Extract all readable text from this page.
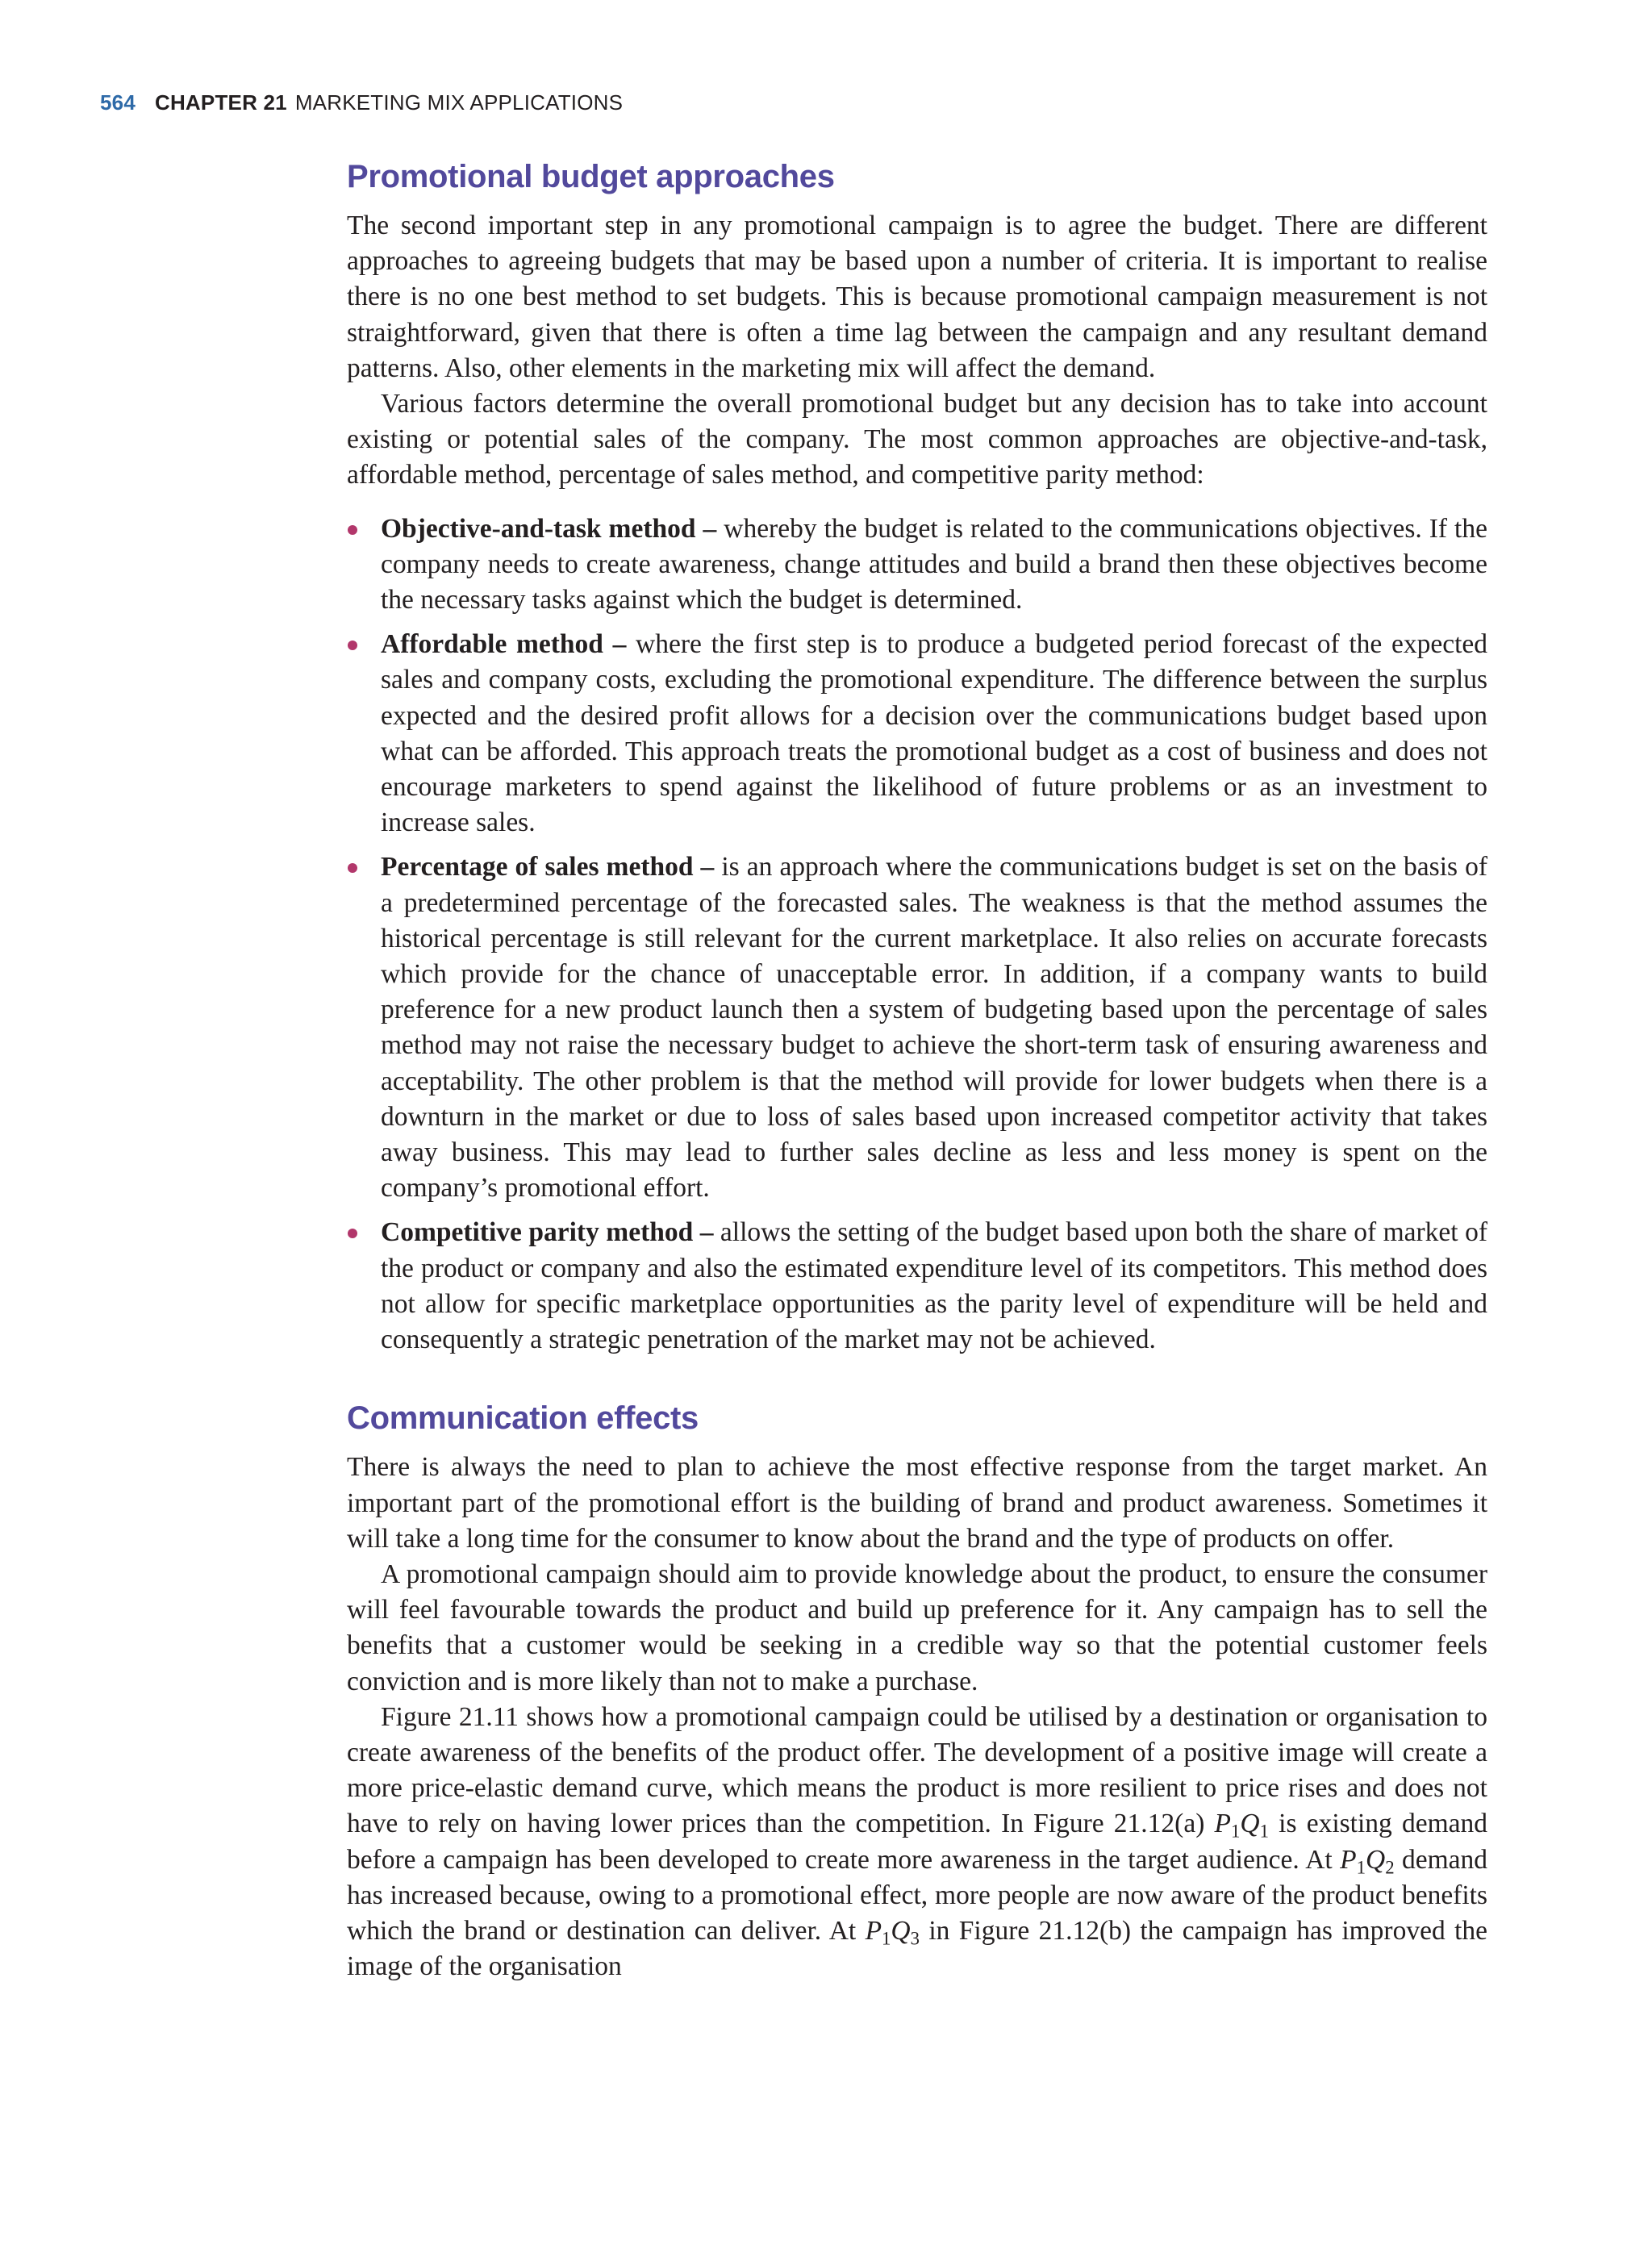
564 CHAPTER 21 MARKETING MIX APPLICATIONS
Promotional budget approaches

The second important step in any promotional campaign is to agree the budget. There are different approaches to agreeing budgets that may be based upon a number of criteria. It is important to realise there is no one best method to set budgets. This is because promotional campaign measurement is not straightforward, given that there is often a time lag between the campaign and any resultant demand patterns. Also, other elements in the marketing mix will affect the demand.

Various factors determine the overall promotional budget but any decision has to take into account existing or potential sales of the company. The most common approaches are objective-and-task, affordable method, percentage of sales method, and competitive parity method:

Objective-and-task method – whereby the budget is related to the communications objectives. If the company needs to create awareness, change attitudes and build a brand then these objectives become the necessary tasks against which the budget is determined.
Affordable method – where the first step is to produce a budgeted period forecast of the expected sales and company costs, excluding the promotional expenditure. The difference between the surplus expected and the desired profit allows for a decision over the communications budget based upon what can be afforded. This approach treats the promotional budget as a cost of business and does not encourage marketers to spend against the likelihood of future problems or as an investment to increase sales.
Percentage of sales method – is an approach where the communications budget is set on the basis of a predetermined percentage of the forecasted sales. The weakness is that the method assumes the historical percentage is still relevant for the current marketplace. It also relies on accurate forecasts which provide for the chance of unacceptable error. In addition, if a company wants to build preference for a new product launch then a system of budgeting based upon the percentage of sales method may not raise the necessary budget to achieve the short-term task of ensuring awareness and acceptability. The other problem is that the method will provide for lower budgets when there is a downturn in the market or due to loss of sales based upon increased competitor activity that takes away business. This may lead to further sales decline as less and less money is spent on the company’s promotional effort.
Competitive parity method – allows the setting of the budget based upon both the share of market of the product or company and also the estimated expenditure level of its competitors. This method does not allow for specific marketplace opportunities as the parity level of expenditure will be held and consequently a strategic penetration of the market may not be achieved.
Communication effects

There is always the need to plan to achieve the most effective response from the target market. An important part of the promotional effort is the building of brand and product awareness. Sometimes it will take a long time for the consumer to know about the brand and the type of products on offer.

A promotional campaign should aim to provide knowledge about the product, to ensure the consumer will feel favourable towards the product and build up preference for it. Any campaign has to sell the benefits that a customer would be seeking in a credible way so that the potential customer feels conviction and is more likely than not to make a purchase.

Figure 21.11 shows how a promotional campaign could be utilised by a destination or organisation to create awareness of the benefits of the product offer. The development of a positive image will create a more price-elastic demand curve, which means the product is more resilient to price rises and does not have to rely on having lower prices than the competition. In Figure 21.12(a) $P_1Q_1$ is existing demand before a campaign has been developed to create more awareness in the target audience. At $P_1Q_2$ demand has increased because, owing to a promotional effect, more people are now aware of the product benefits which the brand or destination can deliver. At $P_1Q_3$ in Figure 21.12(b) the campaign has improved the image of the organisation
